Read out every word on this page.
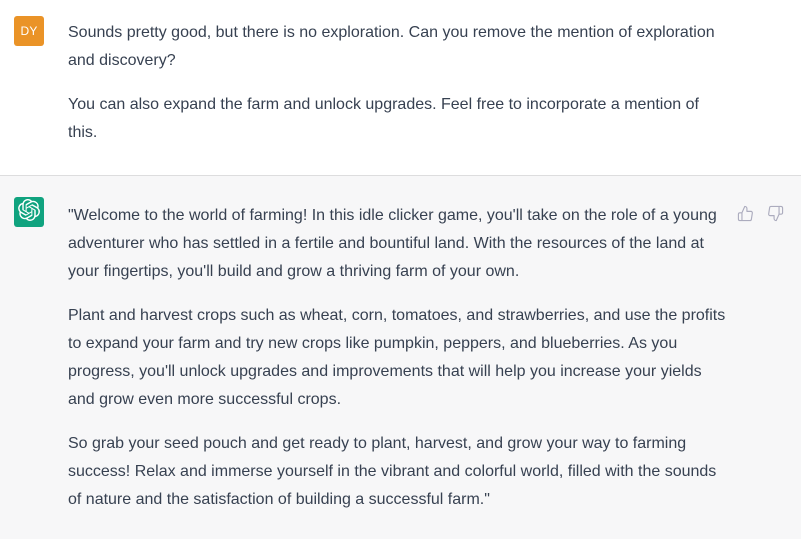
DY Sounds pretty good, but there is no exploration. Can you remove the mention of exploration and discovery?

You can also expand the farm and unlock upgrades. Feel free to incorporate a mention of this.

"Welcome to the world of farming! In this idle clicker game, you'll take on the role of a young adventurer who has settled in a fertile and bountiful land. With the resources of the land at your fingertips, you'll build and grow a thriving farm of your own.

Plant and harvest crops such as wheat, corn, tomatoes, and strawberries, and use the profits to expand your farm and try new crops like pumpkin, peppers, and blueberries. As you progress, you'll unlock upgrades and improvements that will help you increase your yields and grow even more successful crops.

So grab your seed pouch and get ready to plant, harvest, and grow your way to farming success! Relax and immerse yourself in the vibrant and colorful world, filled with the sounds of nature and the satisfaction of building a successful farm."
